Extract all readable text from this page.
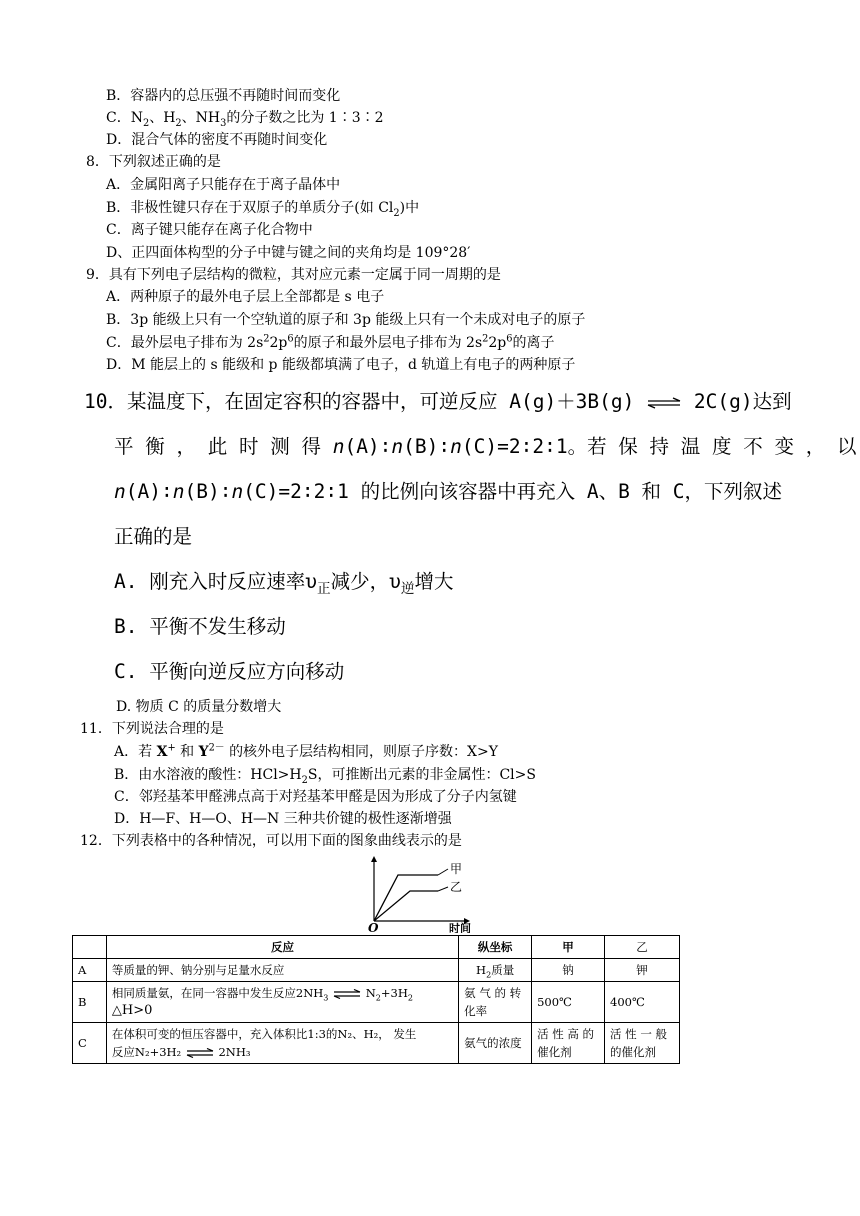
B．容器内的总压强不再随时间而变化
C．$N_2$、$H_2$、$NH_3$的分子数之比为 1∶3∶2
D．混合气体的密度不再随时间变化
8．下列叙述正确的是
A．金属阳离子只能存在于离子晶体中
B．非极性键只存在于双原子的单质分子(如 $Cl_2$)中
C．离子键只能存在离子化合物中
D、正四面体构型的分子中键与键之间的夹角均是 109°28′
9．具有下列电子层结构的微粒，其对应元素一定属于同一周期的是
A．两种原子的最外电子层上全部都是 s 电子
B．3p 能级上只有一个空轨道的原子和 3p 能级上只有一个未成对电子的原子
C．最外层电子排布为 $2s^22p^6$的原子和最外层电子排布为 $2s^22p^6$的离子
D．M 能层上的 s 能级和 p 能级都填满了电子，d 轨道上有电子的两种原子
10．某温度下，在固定容积的容器中，可逆反应 A(g)＋3B(g) ⇌ 2C(g)达到
平 衡 ， 此 时 测 得 n(A)∶n(B)∶n(C)=2∶2∶1。若 保 持 温 度 不 变 ， 以
n(A)∶n(B)∶n(C)=2∶2∶1 的比例向该容器中再充入 A、B 和 C，下列叙述
正确的是
A. 刚充入时反应速率$\upsilon_正$减少，$\upsilon_逆$增大
B. 平衡不发生移动
C. 平衡向逆反应方向移动
D. 物质 C 的质量分数增大
11．下列说法合理的是
A．若 X+ 和 $Y^{2-}$ 的核外电子层结构相同，则原子序数：X>Y
B．由水溶液的酸性：$HCl>H_2S$，可推断出元素的非金属性：Cl>S
C．邻羟基苯甲醛沸点高于对羟基苯甲醛是因为形成了分子内氢键
D．H—F、H—O、H—N 三种共价键的极性逐渐增强
12．下列表格中的各种情况，可以用下面的图象曲线表示的是
甲
乙
O	时间
	反应	纵坐标	甲	乙
A	等质量的钾、钠分别与足量水反应	$H_2$质量	钠	钾
B	相同质量氨，在同一容器中发生反应$2NH_3$ ⇌ $N_2+3H_2$
△H>0	氨 气 的 转化率	500℃	400℃
C	在体积可变的恒压容器中，充入体积比1:3的N₂、H₂， 发生
反应N₂+3H₂ ⇌ 2NH₃	氨气的浓度	活 性 高 的催化剂	活 性 一 般的催化剂
